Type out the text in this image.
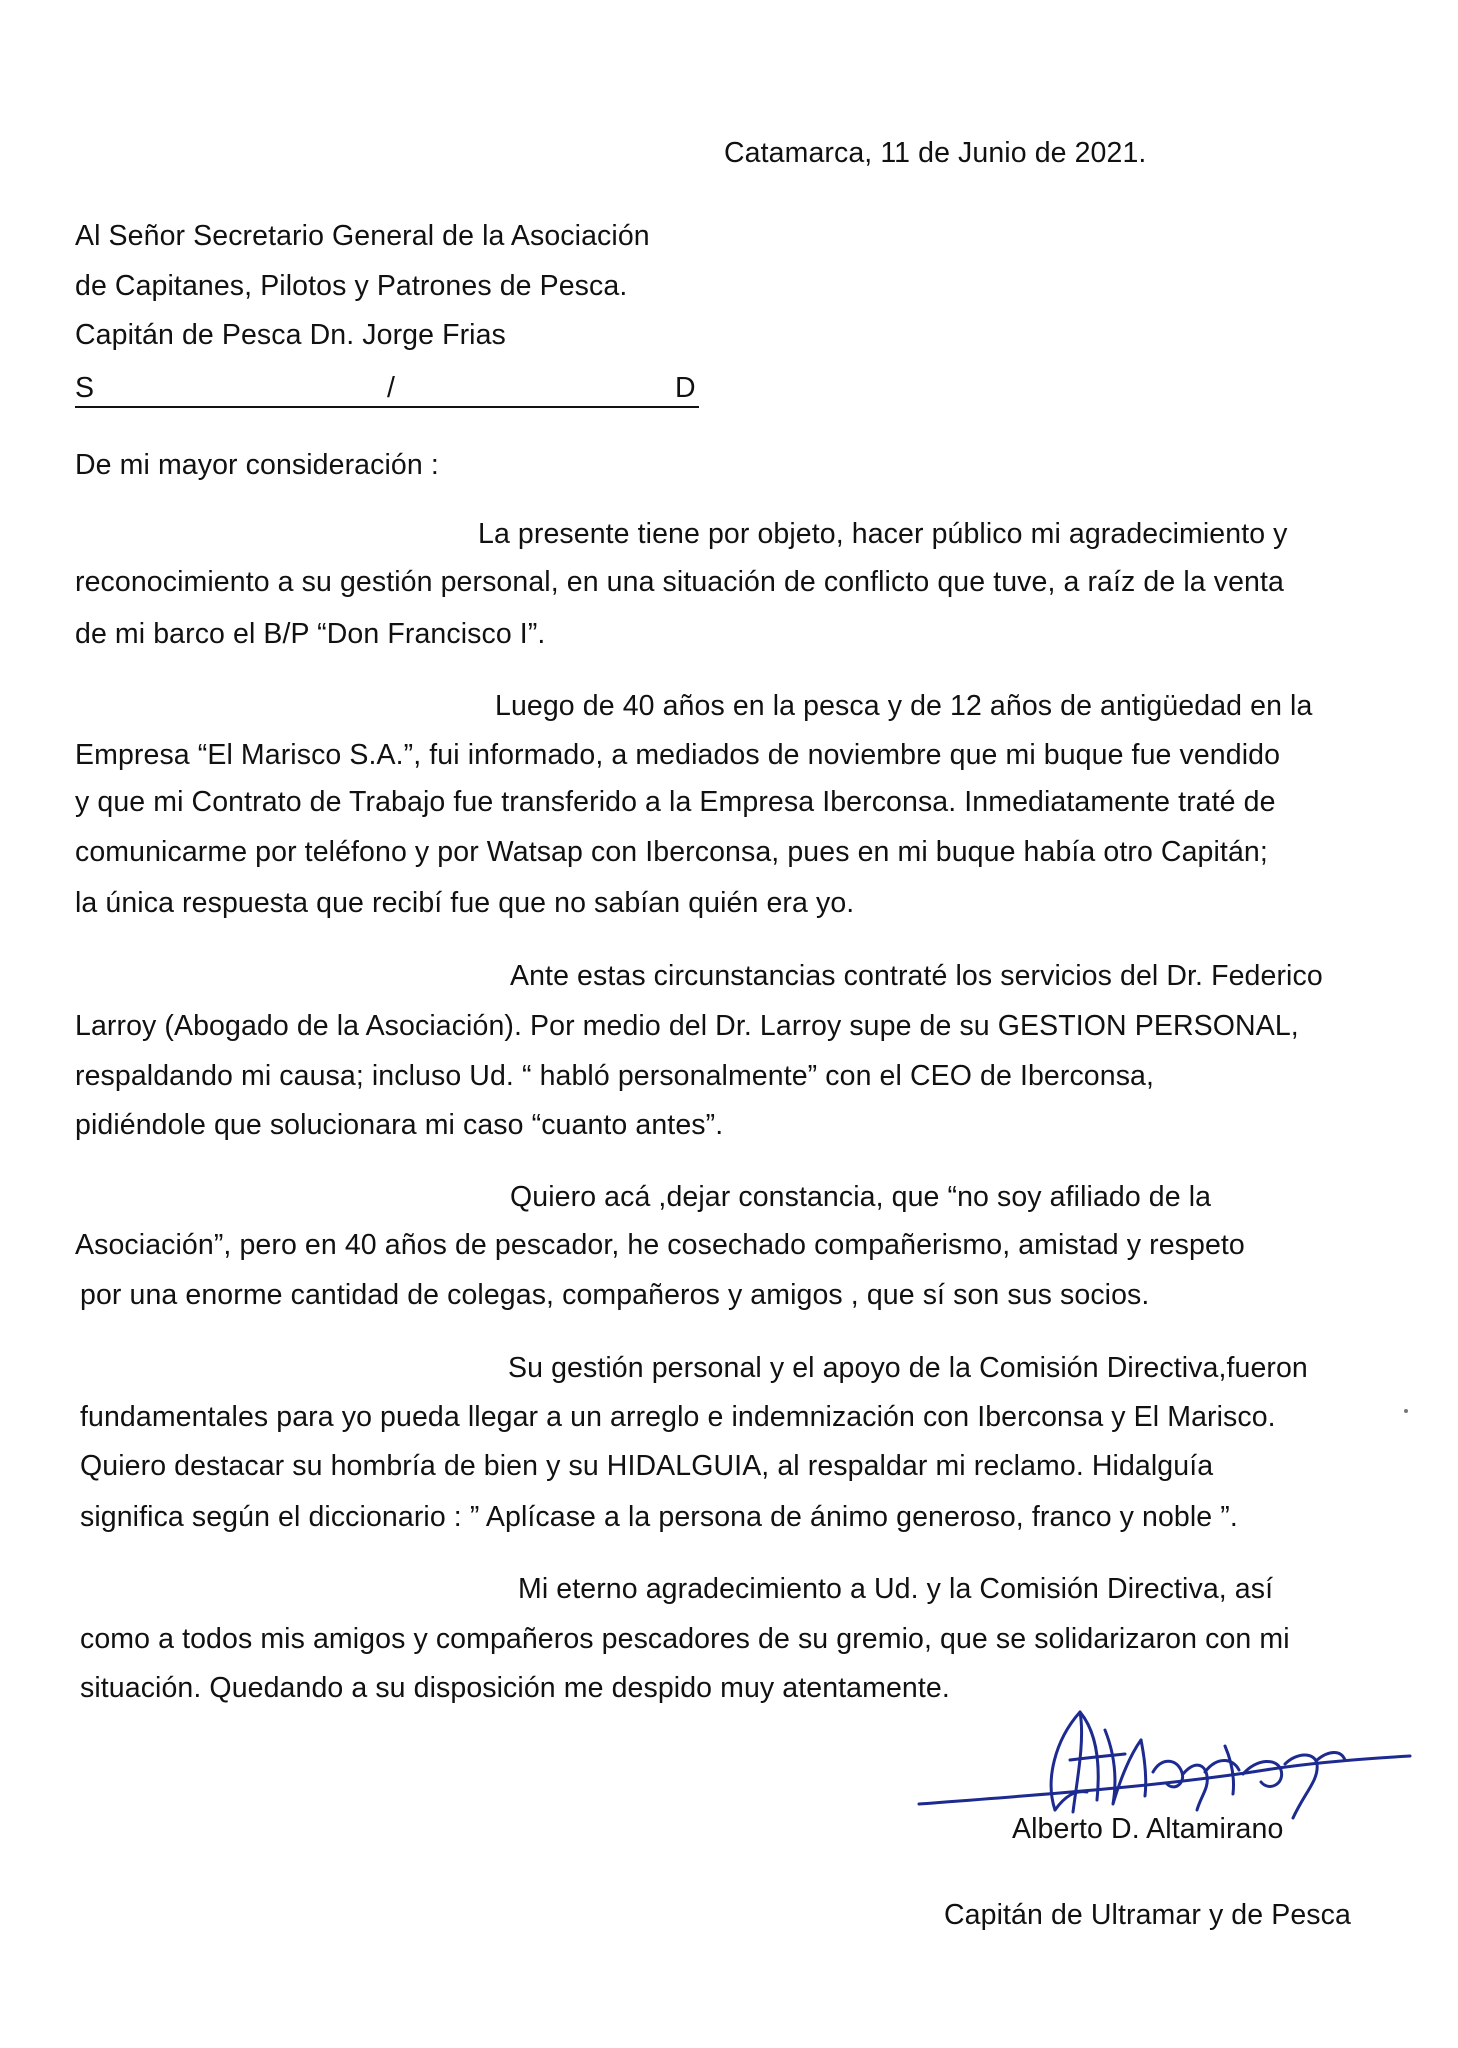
Catamarca, 11 de Junio de 2021.
Al Señor Secretario General de la Asociación
de Capitanes, Pilotos y Patrones de Pesca.
Capitán de Pesca Dn. Jorge Frias
S	/	D
De mi mayor consideración :
La presente tiene por objeto, hacer público mi agradecimiento y
reconocimiento a su gestión personal, en una situación de conflicto que tuve, a raíz de la venta
de mi barco el B/P “Don Francisco I”.
Luego de 40 años en la pesca y de 12 años de antigüedad en la
Empresa “El Marisco S.A.”, fui informado, a mediados de noviembre que mi buque fue vendido
y que mi Contrato de Trabajo fue transferido a la Empresa Iberconsa. Inmediatamente traté de
comunicarme por teléfono y por Watsap con Iberconsa, pues en mi buque había otro Capitán;
la única respuesta que recibí fue que no sabían quién era yo.
Ante estas circunstancias contraté los servicios del Dr. Federico
Larroy (Abogado de la Asociación). Por medio del Dr. Larroy supe de su GESTION PERSONAL,
respaldando mi causa; incluso Ud. “ habló personalmente” con el CEO de Iberconsa,
pidiéndole que solucionara mi caso “cuanto antes”.
Quiero acá ,dejar constancia, que “no soy afiliado de la
Asociación”, pero en 40 años de pescador, he cosechado compañerismo, amistad y respeto
por una enorme cantidad de colegas, compañeros y amigos , que sí son sus socios.
Su gestión personal y el apoyo de la Comisión Directiva,fueron
fundamentales para yo pueda llegar a un arreglo e indemnización con Iberconsa y El Marisco.
Quiero destacar su hombría de bien y su HIDALGUIA, al respaldar mi reclamo. Hidalguía
significa según el diccionario : ” Aplícase a la persona de ánimo generoso, franco y noble ”.
Mi eterno agradecimiento a Ud. y la Comisión Directiva, así
como a todos mis amigos y compañeros pescadores de su gremio, que se solidarizaron con mi
situación. Quedando a su disposición me despido muy atentamente.
Alberto D. Altamirano
Capitán de Ultramar y de Pesca
